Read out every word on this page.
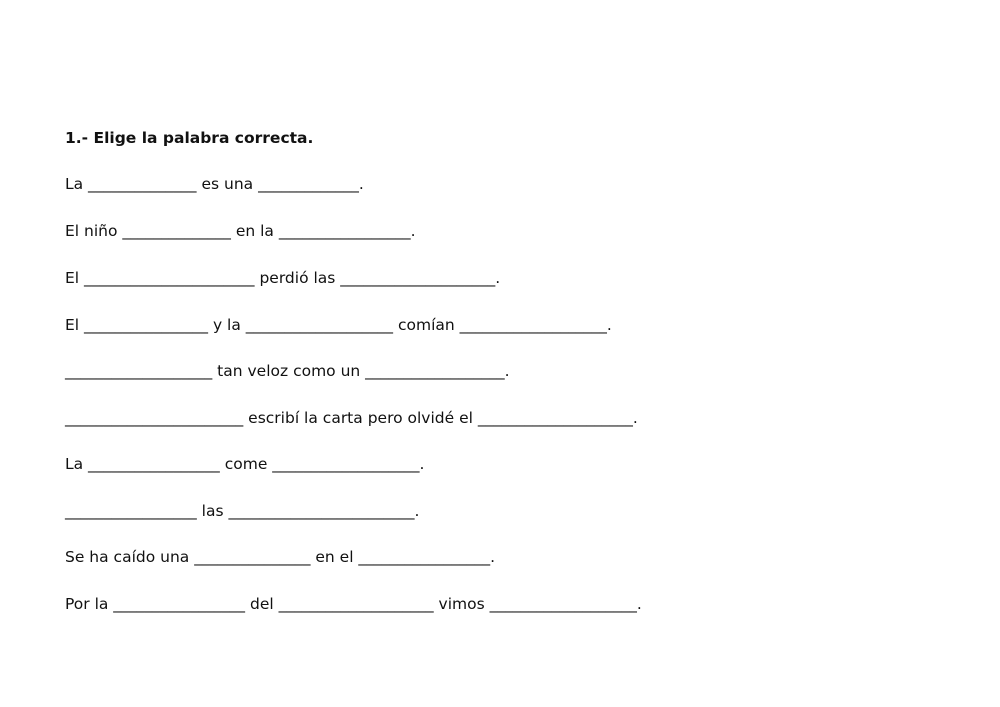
1.- Elige la palabra correcta.
La ______________ es una _____________.
El niño ______________ en la _________________.
El ______________________ perdió las ____________________.
El ________________ y la ___________________ comían ___________________.
___________________ tan veloz como un __________________.
_______________________ escribí la carta pero olvidé el ____________________.
La _________________ come ___________________.
_________________ las ________________________.
Se ha caído una _______________ en el _________________.
Por la _________________ del ____________________ vimos ___________________.
